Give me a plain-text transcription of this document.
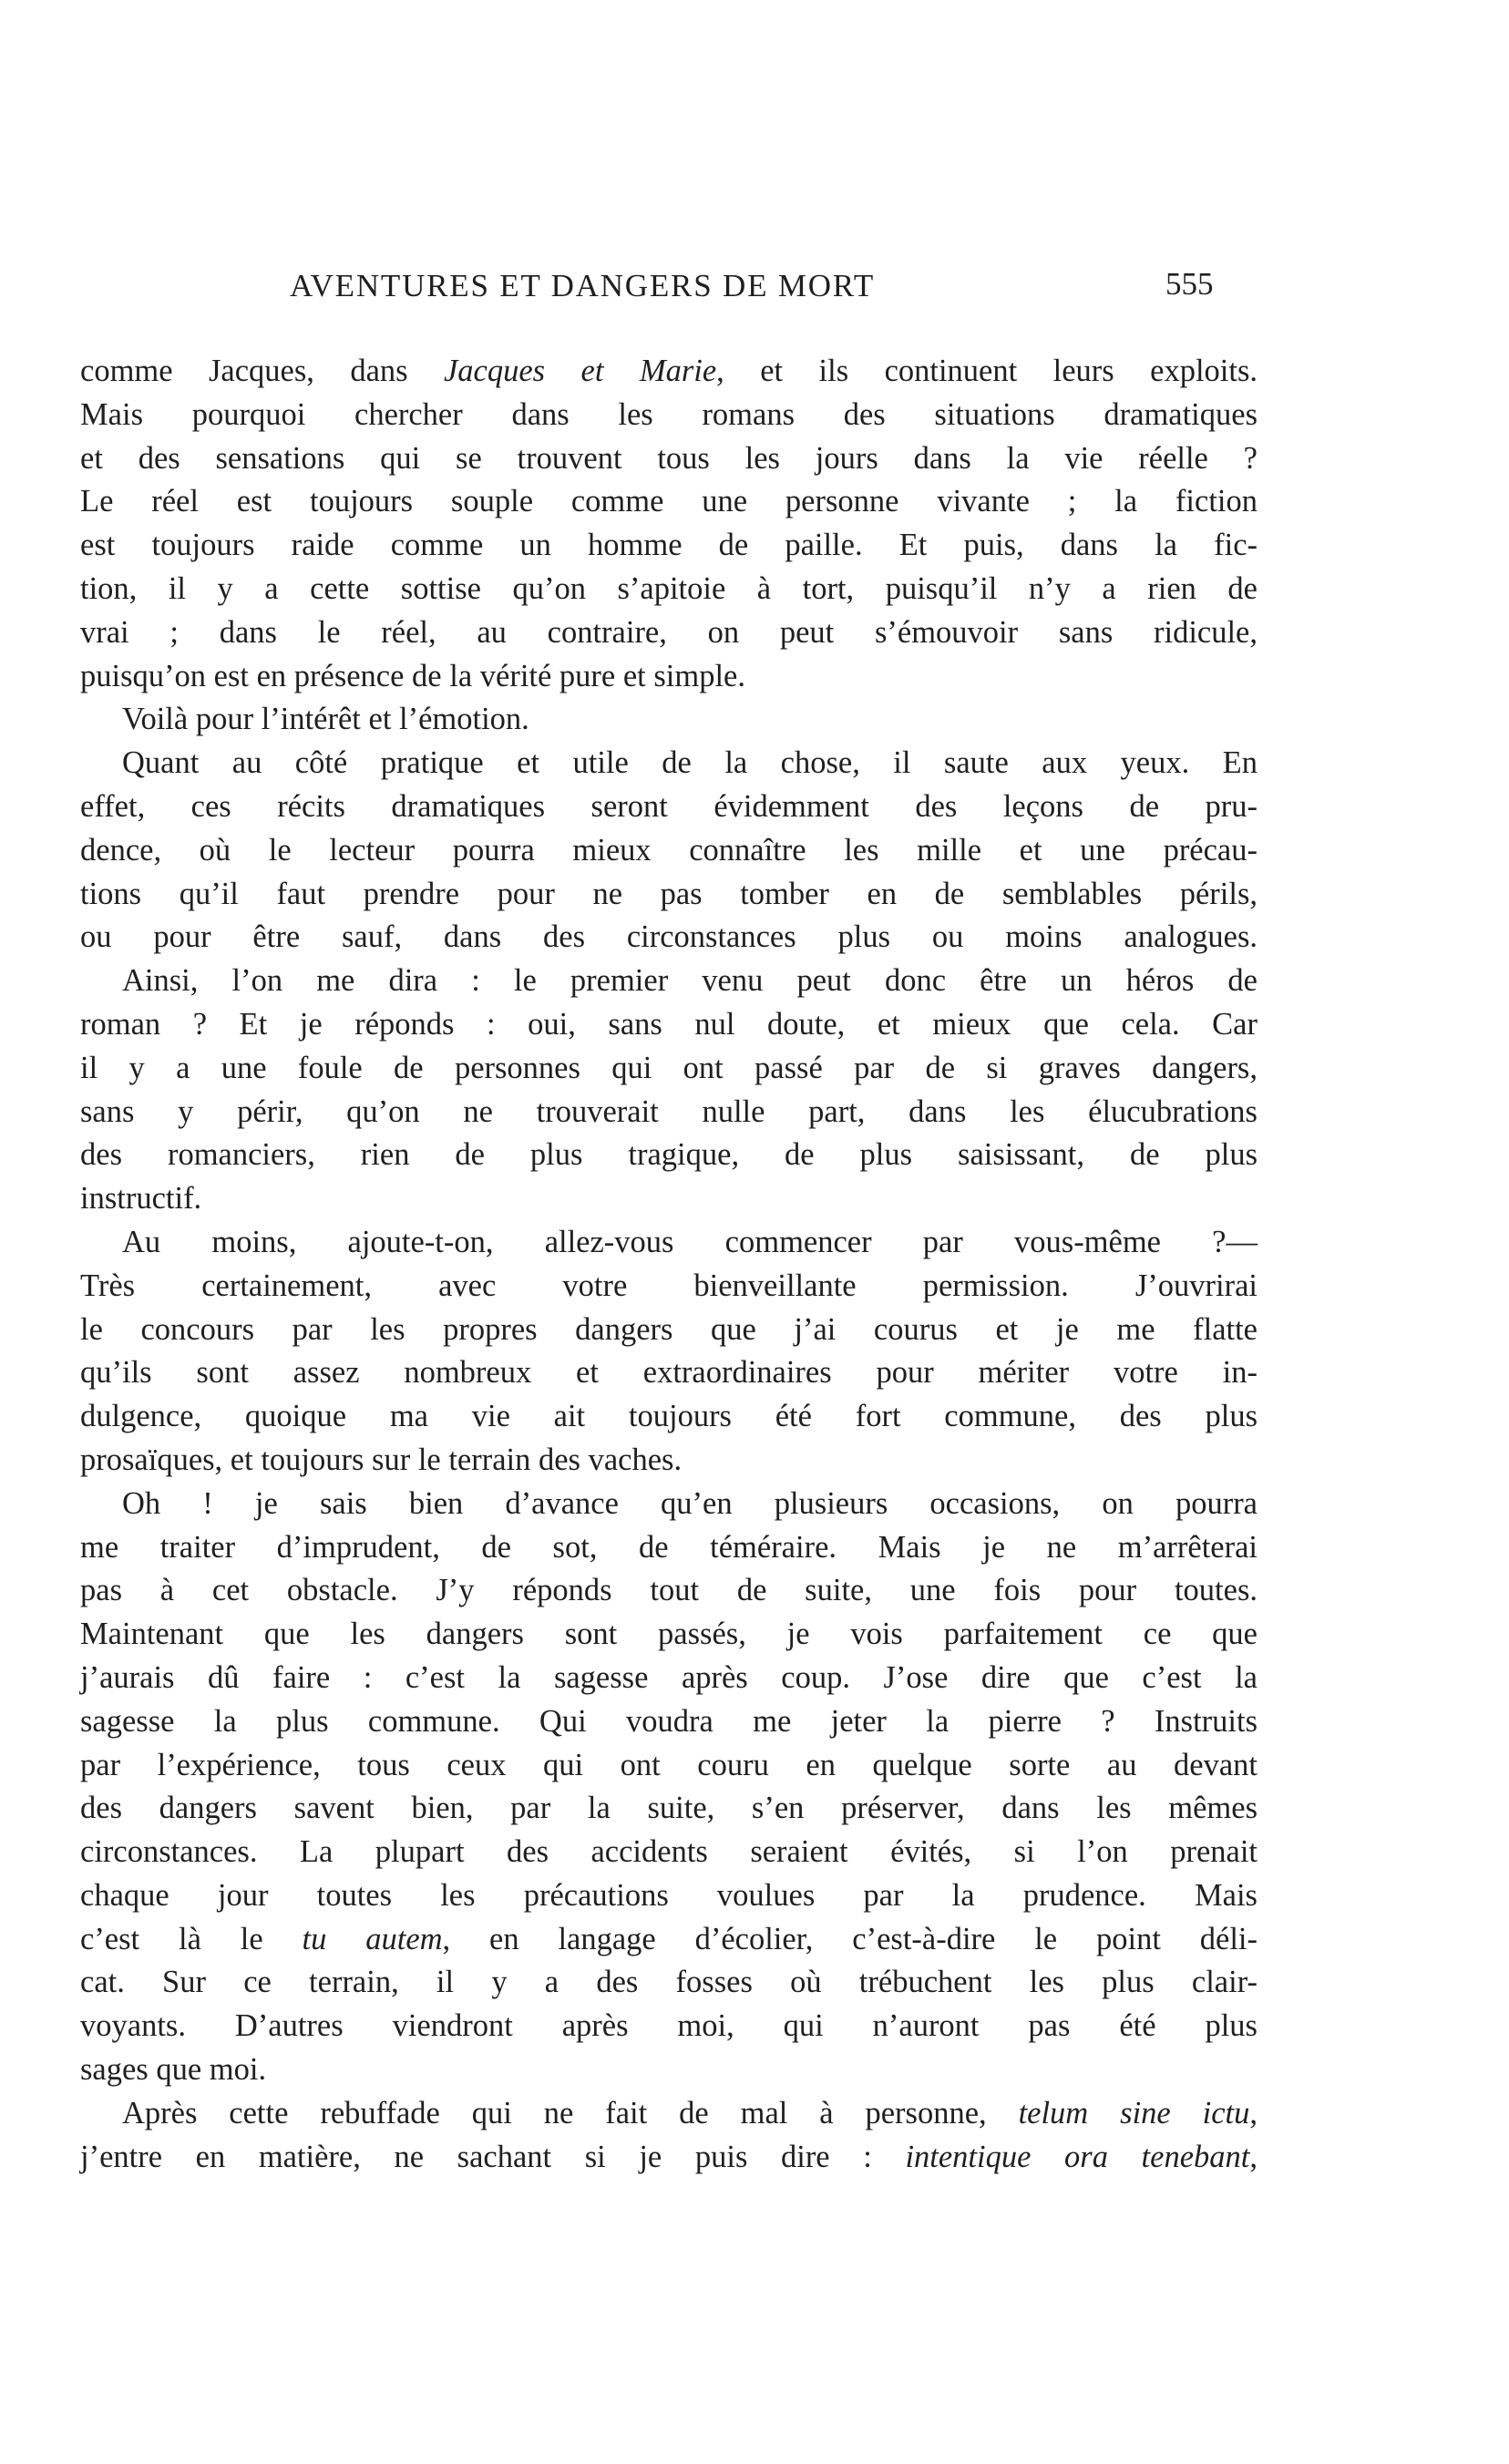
AVENTURES ET DANGERS DE MORT	555
comme Jacques, dans Jacques et Marie, et ils continuent leurs exploits.
Mais pourquoi chercher dans les romans des situations dramatiques
et des sensations qui se trouvent tous les jours dans la vie réelle ?
Le réel est toujours souple comme une personne vivante ; la fiction
est toujours raide comme un homme de paille. Et puis, dans la fic-
tion, il y a cette sottise qu’on s’apitoie à tort, puisqu’il n’y a rien de
vrai ; dans le réel, au contraire, on peut s’émouvoir sans ridicule,
puisqu’on est en présence de la vérité pure et simple.
Voilà pour l’intérêt et l’émotion.
Quant au côté pratique et utile de la chose, il saute aux yeux. En
effet, ces récits dramatiques seront évidemment des leçons de pru-
dence, où le lecteur pourra mieux connaître les mille et une précau-
tions qu’il faut prendre pour ne pas tomber en de semblables périls,
ou pour être sauf, dans des circonstances plus ou moins analogues.
Ainsi, l’on me dira : le premier venu peut donc être un héros de
roman ? Et je réponds : oui, sans nul doute, et mieux que cela. Car
il y a une foule de personnes qui ont passé par de si graves dangers,
sans y périr, qu’on ne trouverait nulle part, dans les élucubrations
des romanciers, rien de plus tragique, de plus saisissant, de plus
instructif.
Au moins, ajoute-t-on, allez-vous commencer par vous-même ?—
Très certainement, avec votre bienveillante permission. J’ouvrirai
le concours par les propres dangers que j’ai courus et je me flatte
qu’ils sont assez nombreux et extraordinaires pour mériter votre in-
dulgence, quoique ma vie ait toujours été fort commune, des plus
prosaïques, et toujours sur le terrain des vaches.
Oh ! je sais bien d’avance qu’en plusieurs occasions, on pourra
me traiter d’imprudent, de sot, de téméraire. Mais je ne m’arrêterai
pas à cet obstacle. J’y réponds tout de suite, une fois pour toutes.
Maintenant que les dangers sont passés, je vois parfaitement ce que
j’aurais dû faire : c’est la sagesse après coup. J’ose dire que c’est la
sagesse la plus commune. Qui voudra me jeter la pierre ? Instruits
par l’expérience, tous ceux qui ont couru en quelque sorte au devant
des dangers savent bien, par la suite, s’en préserver, dans les mêmes
circonstances. La plupart des accidents seraient évités, si l’on prenait
chaque jour toutes les précautions voulues par la prudence. Mais
c’est là le tu autem, en langage d’écolier, c’est-à-dire le point déli-
cat. Sur ce terrain, il y a des fosses où trébuchent les plus clair-
voyants. D’autres viendront après moi, qui n’auront pas été plus
sages que moi.
Après cette rebuffade qui ne fait de mal à personne, telum sine ictu,
j’entre en matière, ne sachant si je puis dire : intentique ora tenebant,
